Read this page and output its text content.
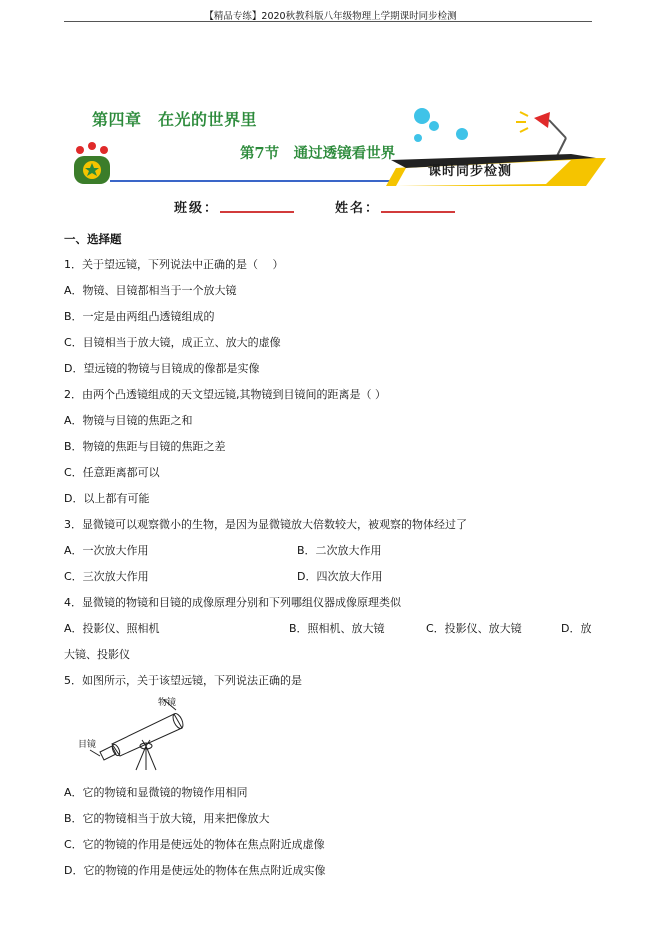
【精品专练】2020秋教科版八年级物理上学期课时同步检测
第四章　在光的世界里
第7节　通过透镜看世界
课时同步检测
班级：	姓名：
一、选择题
1．关于望远镜，下列说法中正确的是（　 ）
A．物镜、目镜都相当于一个放大镜
B．一定是由两组凸透镜组成的
C．目镜相当于放大镜，成正立、放大的虚像
D．望远镜的物镜与目镜成的像都是实像
2．由两个凸透镜组成的天文望远镜,其物镜到目镜间的距离是（ ）
A．物镜与目镜的焦距之和
B．物镜的焦距与目镜的焦距之差
C．任意距离都可以
D．以上都有可能
3．显微镜可以观察微小的生物，是因为显微镜放大倍数较大，被观察的物体经过了
A．一次放大作用	B．二次放大作用
C．三次放大作用	D．四次放大作用
4．显微镜的物镜和目镜的成像原理分别和下列哪组仪器成像原理类似
A．投影仪、照相机	B．照相机、放大镜	C．投影仪、放大镜	D．放
大镜、投影仪
5．如图所示，关于该望远镜，下列说法正确的是
物镜
目镜
A．它的物镜和显微镜的物镜作用相同
B．它的物镜相当于放大镜，用来把像放大
C．它的物镜的作用是使远处的物体在焦点附近成虚像
D．它的物镜的作用是使远处的物体在焦点附近成实像
